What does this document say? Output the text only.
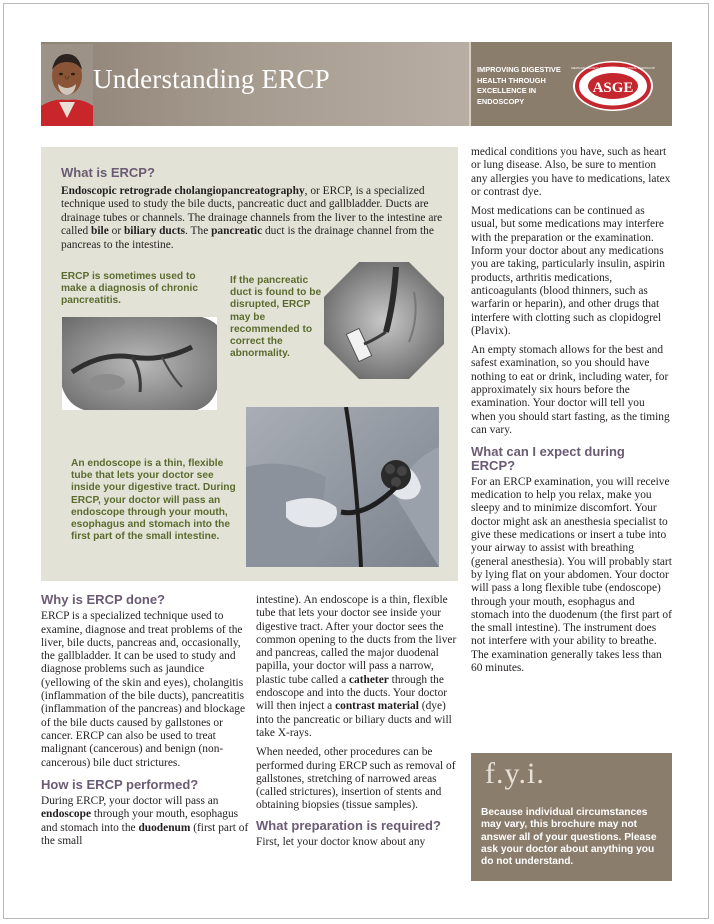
Understanding ERCP	IMPROVING DIGESTIVE HEALTH THROUGH EXCELLENCE IN ENDOSCOPY
ASGE
AMERICAN SOCIETY FOR GASTROINTESTINAL ENDOSCOPY
What is ERCP?
Endoscopic retrograde cholangiopancreatography, or ERCP, is a specialized technique used to study the bile ducts, pancreatic duct and gallbladder. Ducts are drainage tubes or channels. The drainage channels from the liver to the intestine are called bile or biliary ducts. The pancreatic duct is the drainage channel from the pancreas to the intestine.
ERCP is sometimes used to make a diagnosis of chronic pancreatitis.
If the pancreatic duct is found to be disrupted, ERCP may be recommended to correct the abnormality.
An endoscope is a thin, flexible tube that lets your doctor see inside your digestive tract. During ERCP, your doctor will pass an endoscope through your mouth, esophagus and stomach into the first part of the small intestine.
Why is ERCP done?

ERCP is a specialized technique used to examine, diagnose and treat problems of the liver, bile ducts, pancreas and, occasionally, the gallbladder. It can be used to study and diagnose problems such as jaundice (yellowing of the skin and eyes), cholangitis (inflammation of the bile ducts), pancreatitis (inflammation of the pancreas) and blockage of the bile ducts caused by gallstones or cancer. ERCP can also be used to treat malignant (cancerous) and benign (non-cancerous) bile duct strictures.

How is ERCP performed?

During ERCP, your doctor will pass an endoscope through your mouth, esophagus and stomach into the duodenum (first part of the small

intestine). An endoscope is a thin, flexible tube that lets your doctor see inside your digestive tract. After your doctor sees the common opening to the ducts from the liver and pancreas, called the major duodenal papilla, your doctor will pass a narrow, plastic tube called a catheter through the endoscope and into the ducts. Your doctor will then inject a contrast material (dye) into the pancreatic or biliary ducts and will take X-rays.

When needed, other procedures can be performed during ERCP such as removal of gallstones, stretching of narrowed areas (called strictures), insertion of stents and obtaining biopsies (tissue samples).

What preparation is required?

First, let your doctor know about any

medical conditions you have, such as heart or lung disease. Also, be sure to mention any allergies you have to medications, latex or contrast dye.

Most medications can be continued as usual, but some medications may interfere with the preparation or the examination. Inform your doctor about any medications you are taking, particularly insulin, aspirin products, arthritis medications, anticoagulants (blood thinners, such as warfarin or heparin), and other drugs that interfere with clotting such as clopidogrel (Plavix).

An empty stomach allows for the best and safest examination, so you should have nothing to eat or drink, including water, for approximately six hours before the examination. Your doctor will tell you when you should start fasting, as the timing can vary.

What can I expect during ERCP?

For an ERCP examination, you will receive medication to help you relax, make you sleepy and to minimize discomfort. Your doctor might ask an anesthesia specialist to give these medications or insert a tube into your airway to assist with breathing (general anesthesia). You will probably start by lying flat on your abdomen. Your doctor will pass a long flexible tube (endoscope) through your mouth, esophagus and stomach into the duodenum (the first part of the small intestine). The instrument does not interfere with your ability to breathe. The examination generally takes less than 60 minutes.

f.y.i.
Because individual circumstances may vary, this brochure may not answer all of your questions. Please ask your doctor about anything you do not understand.
